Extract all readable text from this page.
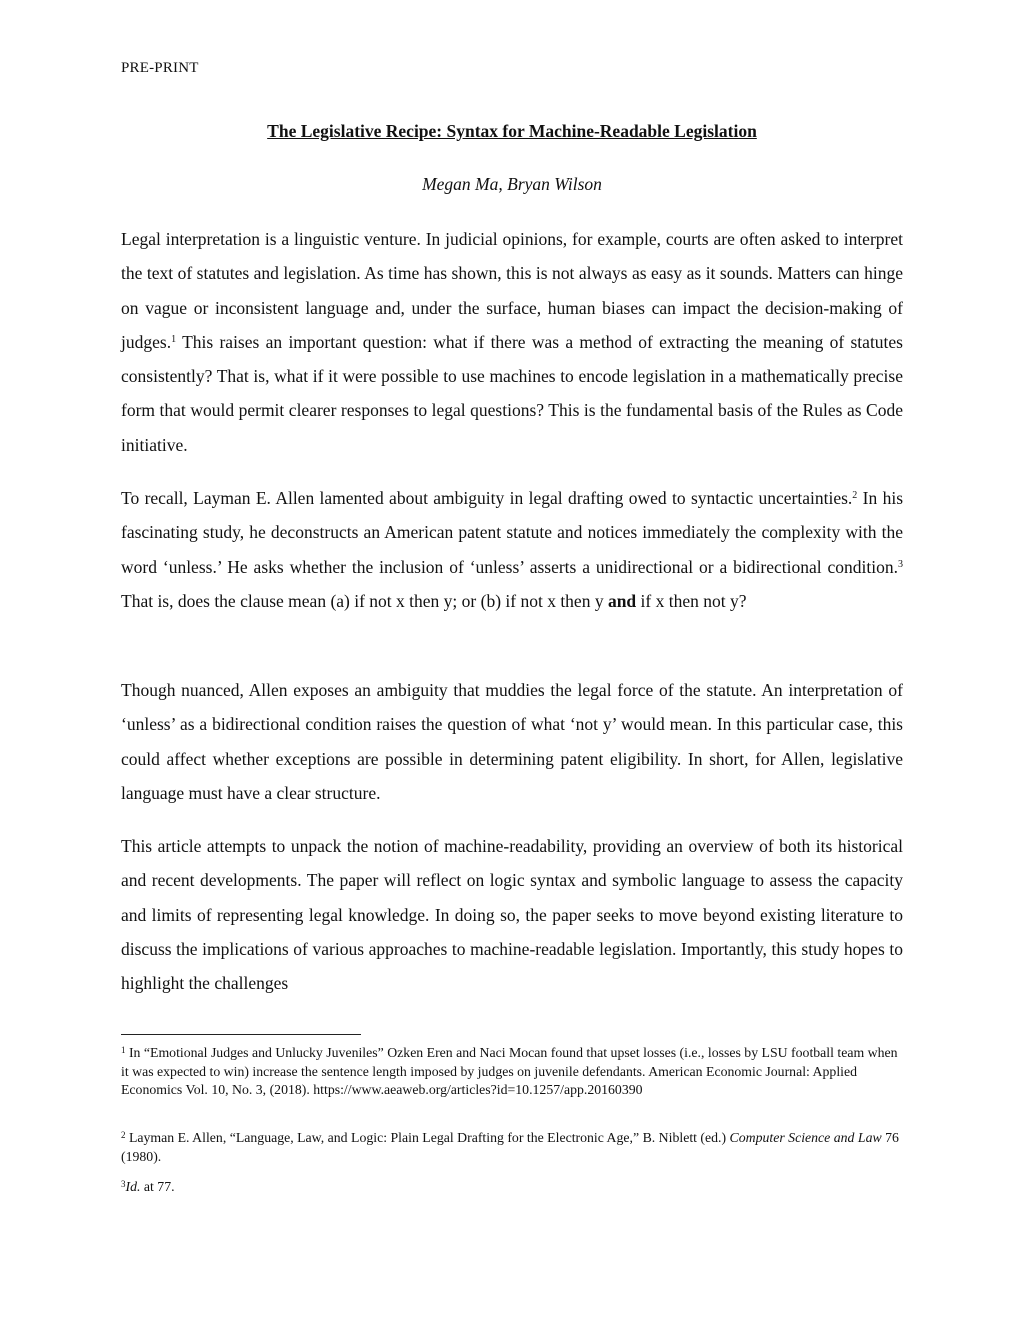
PRE-PRINT
The Legislative Recipe: Syntax for Machine-Readable Legislation
Megan Ma, Bryan Wilson

Legal interpretation is a linguistic venture. In judicial opinions, for example, courts are often asked to interpret the text of statutes and legislation. As time has shown, this is not always as easy as it sounds. Matters can hinge on vague or inconsistent language and, under the surface, human biases can impact the decision-making of judges.$^1$ This raises an important question: what if there was a method of extracting the meaning of statutes consistently? That is, what if it were possible to use machines to encode legislation in a mathematically precise form that would permit clearer responses to legal questions? This is the fundamental basis of the Rules as Code initiative.

To recall, Layman E. Allen lamented about ambiguity in legal drafting owed to syntactic uncertainties.$^2$ In his fascinating study, he deconstructs an American patent statute and notices immediately the complexity with the word ‘unless.’ He asks whether the inclusion of ‘unless’ asserts a unidirectional or a bidirectional condition.$^3$ That is, does the clause mean (a) if not x then y; or (b) if not x then y and if x then not y?

Though nuanced, Allen exposes an ambiguity that muddies the legal force of the statute. An interpretation of ‘unless’ as a bidirectional condition raises the question of what ‘not y’ would mean. In this particular case, this could affect whether exceptions are possible in determining patent eligibility. In short, for Allen, legislative language must have a clear structure.

This article attempts to unpack the notion of machine-readability, providing an overview of both its historical and recent developments. The paper will reflect on logic syntax and symbolic language to assess the capacity and limits of representing legal knowledge. In doing so, the paper seeks to move beyond existing literature to discuss the implications of various approaches to machine-readable legislation. Importantly, this study hopes to highlight the challenges

$^1$ In “Emotional Judges and Unlucky Juveniles” Ozken Eren and Naci Mocan found that upset losses (i.e., losses by LSU football team when it was expected to win) increase the sentence length imposed by judges on juvenile defendants. American Economic Journal: Applied Economics Vol. 10, No. 3, (2018). https://www.aeaweb.org/articles?id=10.1257/app.20160390

$^2$ Layman E. Allen, “Language, Law, and Logic: Plain Legal Drafting for the Electronic Age,” B. Niblett (ed.) Computer Science and Law 76 (1980).

$^3$Id. at 77.
